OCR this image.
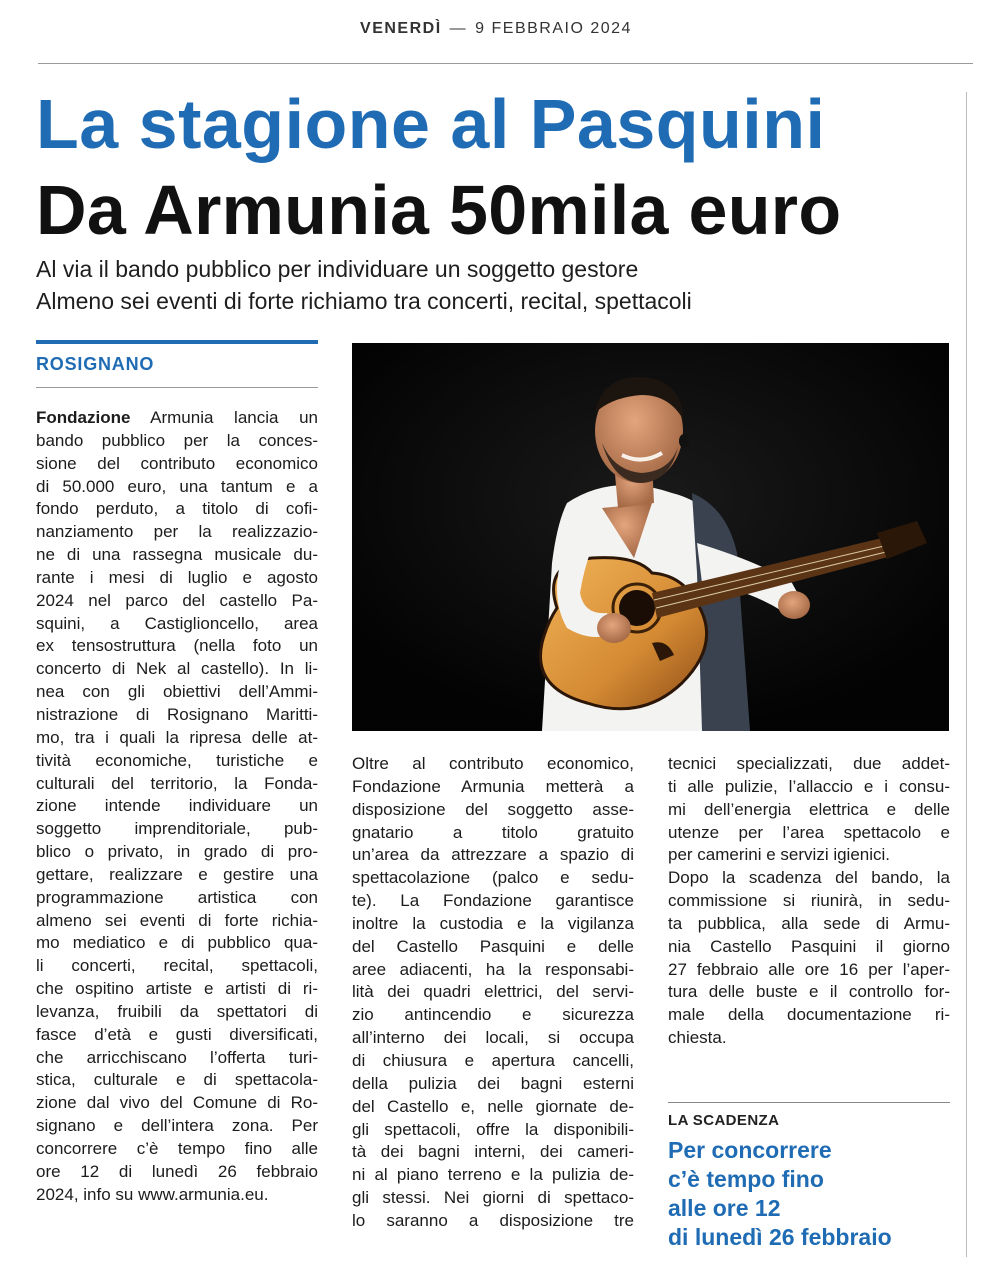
VENERDÌ — 9 FEBBRAIO 2024
La stagione al Pasquini
Da Armunia 50mila euro
Al via il bando pubblico per individuare un soggetto gestore
Almeno sei eventi di forte richiamo tra concerti, recital, spettacoli
ROSIGNANO
Fondazione Armunia lancia un
bando pubblico per la conces-
sione del contributo economico
di 50.000 euro, una tantum e a
fondo perduto, a titolo di cofi-
nanziamento per la realizzazio-
ne di una rassegna musicale du-
rante i mesi di luglio e agosto
2024 nel parco del castello Pa-
squini, a Castiglioncello, area
ex tensostruttura (nella foto un
concerto di Nek al castello). In li-
nea con gli obiettivi dell’Ammi-
nistrazione di Rosignano Maritti-
mo, tra i quali la ripresa delle at-
tività economiche, turistiche e
culturali del territorio, la Fonda-
zione intende individuare un
soggetto imprenditoriale, pub-
blico o privato, in grado di pro-
gettare, realizzare e gestire una
programmazione artistica con
almeno sei eventi di forte richia-
mo mediatico e di pubblico qua-
li concerti, recital, spettacoli,
che ospitino artiste e artisti di ri-
levanza, fruibili da spettatori di
fasce d’età e gusti diversificati,
che arricchiscano l’offerta turi-
stica, culturale e di spettacola-
zione dal vivo del Comune di Ro-
signano e dell’intera zona. Per
concorrere c’è tempo fino alle
ore 12 di lunedì 26 febbraio
2024, info su www.armunia.eu.
Oltre al contributo economico,
Fondazione Armunia metterà a
disposizione del soggetto asse-
gnatario a titolo gratuito
un’area da attrezzare a spazio di
spettacolazione (palco e sedu-
te). La Fondazione garantisce
inoltre la custodia e la vigilanza
del Castello Pasquini e delle
aree adiacenti, ha la responsabi-
lità dei quadri elettrici, del servi-
zio antincendio e sicurezza
all’interno dei locali, si occupa
di chiusura e apertura cancelli,
della pulizia dei bagni esterni
del Castello e, nelle giornate de-
gli spettacoli, offre la disponibili-
tà dei bagni interni, dei cameri-
ni al piano terreno e la pulizia de-
gli stessi. Nei giorni di spettaco-
lo saranno a disposizione tre
tecnici specializzati, due addet-
ti alle pulizie, l’allaccio e i consu-
mi dell’energia elettrica e delle
utenze per l’area spettacolo e
per camerini e servizi igienici.
Dopo la scadenza del bando, la
commissione si riunirà, in sedu-
ta pubblica, alla sede di Armu-
nia Castello Pasquini il giorno
27 febbraio alle ore 16 per l’aper-
tura delle buste e il controllo for-
male della documentazione ri-
chiesta.
LA SCADENZA
Per concorrere
c’è tempo fino
alle ore 12
di lunedì 26 febbraio
